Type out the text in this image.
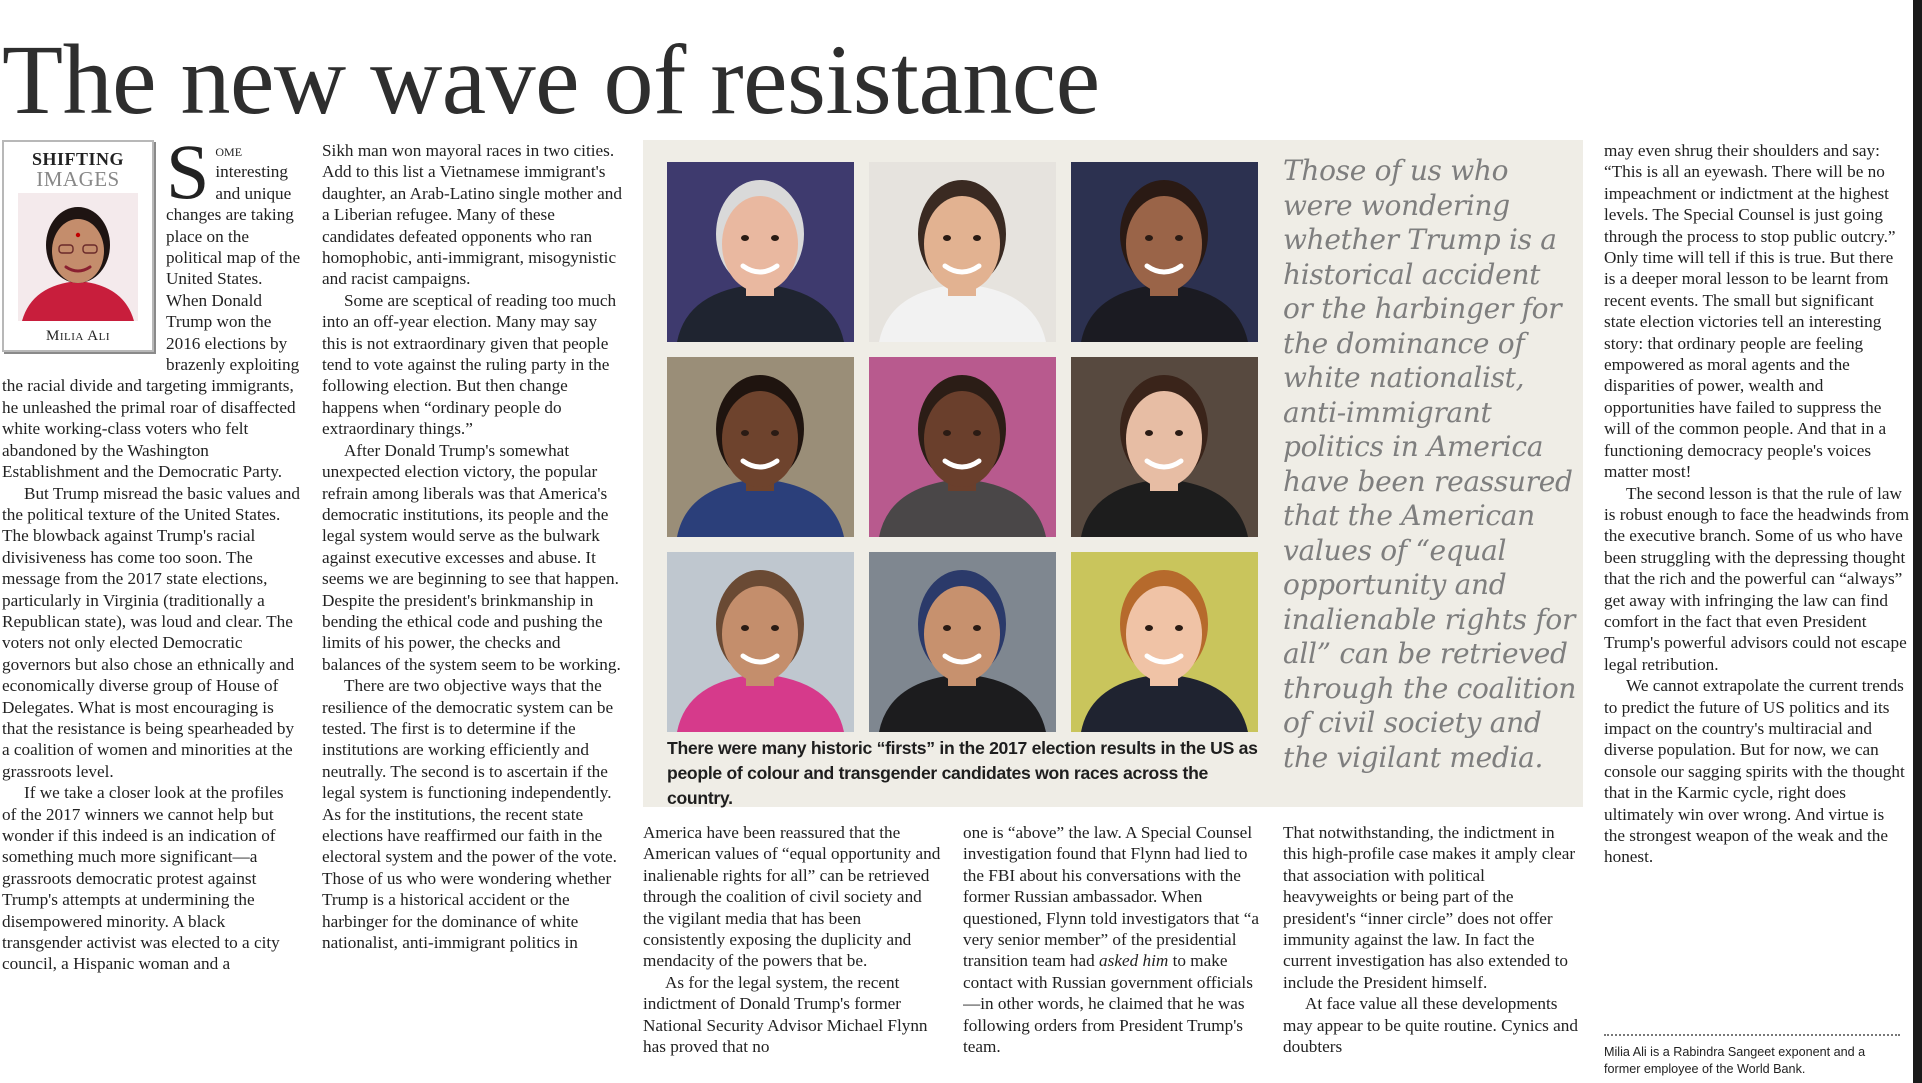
The new wave of resistance
SHIFTING
IMAGES
Milia Ali

Some interesting and unique changes are taking place on the political map of the United States. When Donald Trump won the 2016 elections by brazenly exploiting the racial divide and targeting immigrants, he unleashed the primal roar of disaffected white working-class voters who felt abandoned by the Washington Establishment and the Democratic Party.

But Trump misread the basic values and the political texture of the United States. The blowback against Trump's racial divisiveness has come too soon. The message from the 2017 state elections, particularly in Virginia (traditionally a Republican state), was loud and clear. The voters not only elected Democratic governors but also chose an ethnically and economically diverse group of House of Delegates. What is most encouraging is that the resistance is being spearheaded by a coalition of women and minorities at the grassroots level.

If we take a closer look at the profiles of the 2017 winners we cannot help but wonder if this indeed is an indication of something much more significant—a grassroots democratic protest against Trump's attempts at undermining the disempowered minority. A black transgender activist was elected to a city council, a Hispanic woman and a

Sikh man won mayoral races in two cities. Add to this list a Vietnamese immigrant's daughter, an Arab-Latino single mother and a Liberian refugee. Many of these candidates defeated opponents who ran homophobic, anti-immigrant, misogynistic and racist campaigns.

Some are sceptical of reading too much into an off-year election. Many may say this is not extraordinary given that people tend to vote against the ruling party in the following election. But then change happens when “ordinary people do extraordinary things.”

After Donald Trump's somewhat unexpected election victory, the popular refrain among liberals was that America's democratic institutions, its people and the legal system would serve as the bulwark against executive excesses and abuse. It seems we are beginning to see that happen. Despite the president's brinkmanship in bending the ethical code and pushing the limits of his power, the checks and balances of the system seem to be working.

There are two objective ways that the resilience of the democratic system can be tested. The first is to determine if the institutions are working efficiently and neutrally. The second is to ascertain if the legal system is functioning independently. As for the institutions, the recent state elections have reaffirmed our faith in the electoral system and the power of the vote. Those of us who were wondering whether Trump is a historical accident or the harbinger for the dominance of white nationalist, anti-immigrant politics in

There were many historic “firsts” in the 2017 election results in the US as people of colour and transgender candidates won races across the country.

Those of us who were wondering whether Trump is a historical accident or the harbinger for the dominance of white nationalist, anti-immigrant politics in America have been reassured that the American values of “equal opportunity and inalienable rights for all” can be retrieved through the coalition of civil society and the vigilant media.

America have been reassured that the American values of “equal opportunity and inalienable rights for all” can be retrieved through the coalition of civil society and the vigilant media that has been consistently exposing the duplicity and mendacity of the powers that be.

As for the legal system, the recent indictment of Donald Trump's former National Security Advisor Michael Flynn has proved that no

one is “above” the law. A Special Counsel investigation found that Flynn had lied to the FBI about his conversations with the former Russian ambassador. When questioned, Flynn told investigators that “a very senior member” of the presidential transition team had asked him to make contact with Russian government officials—in other words, he claimed that he was following orders from President Trump's team.

That notwithstanding, the indictment in this high-profile case makes it amply clear that association with political heavyweights or being part of the president's “inner circle” does not offer immunity against the law. In fact the current investigation has also extended to include the President himself.

At face value all these developments may appear to be quite routine. Cynics and doubters

may even shrug their shoulders and say: “This is all an eyewash. There will be no impeachment or indictment at the highest levels. The Special Counsel is just going through the process to stop public outcry.” Only time will tell if this is true. But there is a deeper moral lesson to be learnt from recent events. The small but significant state election victories tell an interesting story: that ordinary people are feeling empowered as moral agents and the disparities of power, wealth and opportunities have failed to suppress the will of the common people. And that in a functioning democracy people's voices matter most!

The second lesson is that the rule of law is robust enough to face the headwinds from the executive branch. Some of us who have been struggling with the depressing thought that the rich and the powerful can “always” get away with infringing the law can find comfort in the fact that even President Trump's powerful advisors could not escape legal retribution.

We cannot extrapolate the current trends to predict the future of US politics and its impact on the country's multiracial and diverse population. But for now, we can console our sagging spirits with the thought that in the Karmic cycle, right does ultimately win over wrong. And virtue is the strongest weapon of the weak and the honest.

Milia Ali is a Rabindra Sangeet exponent and a former employee of the World Bank.
